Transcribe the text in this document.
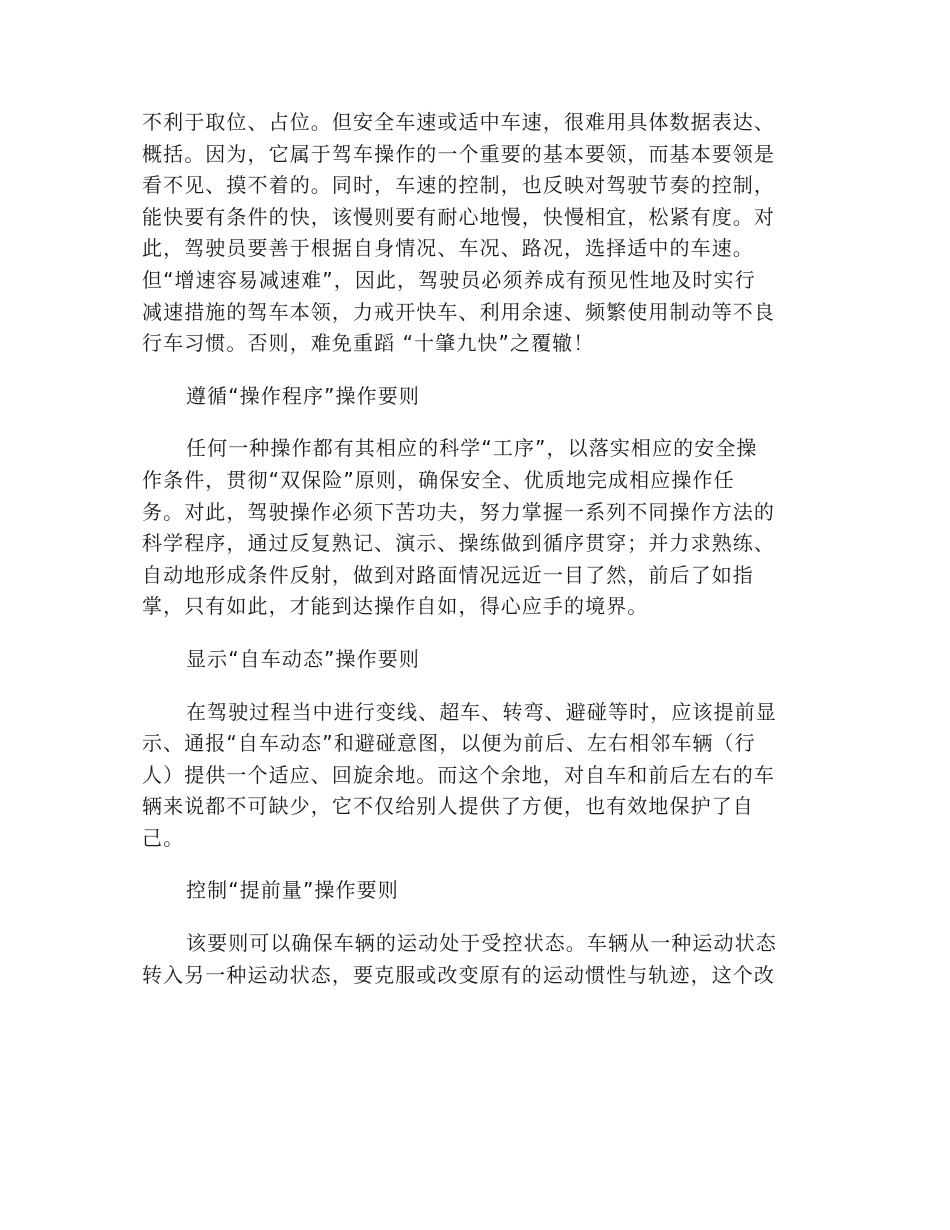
不利于取位、占位。但安全车速或适中车速，很难用具体数据表达、
概括。因为，它属于驾车操作的一个重要的基本要领，而基本要领是
看不见、摸不着的。同时，车速的控制，也反映对驾驶节奏的控制，
能快要有条件的快，该慢则要有耐心地慢，快慢相宜，松紧有度。对
此，驾驶员要善于根据自身情况、车况、路况，选择适中的车速。
但“增速容易减速难”，因此，驾驶员必须养成有预见性地及时实行
减速措施的驾车本领，力戒开快车、利用余速、频繁使用制动等不良
行车习惯。否则，难免重蹈 “十肇九快”之覆辙！
遵循“操作程序”操作要则
任何一种操作都有其相应的科学“工序”，以落实相应的安全操
作条件，贯彻“双保险”原则，确保安全、优质地完成相应操作任
务。对此，驾驶操作必须下苦功夫，努力掌握一系列不同操作方法的
科学程序，通过反复熟记、演示、操练做到循序贯穿；并力求熟练、
自动地形成条件反射，做到对路面情况远近一目了然，前后了如指
掌，只有如此，才能到达操作自如，得心应手的境界。
显示“自车动态”操作要则
在驾驶过程当中进行变线、超车、转弯、避碰等时，应该提前显
示、通报“自车动态”和避碰意图，以便为前后、左右相邻车辆（行
人）提供一个适应、回旋余地。而这个余地，对自车和前后左右的车
辆来说都不可缺少，它不仅给别人提供了方便，也有效地保护了自
己。
控制“提前量”操作要则
该要则可以确保车辆的运动处于受控状态。车辆从一种运动状态
转入另一种运动状态，要克服或改变原有的运动惯性与轨迹，这个改
